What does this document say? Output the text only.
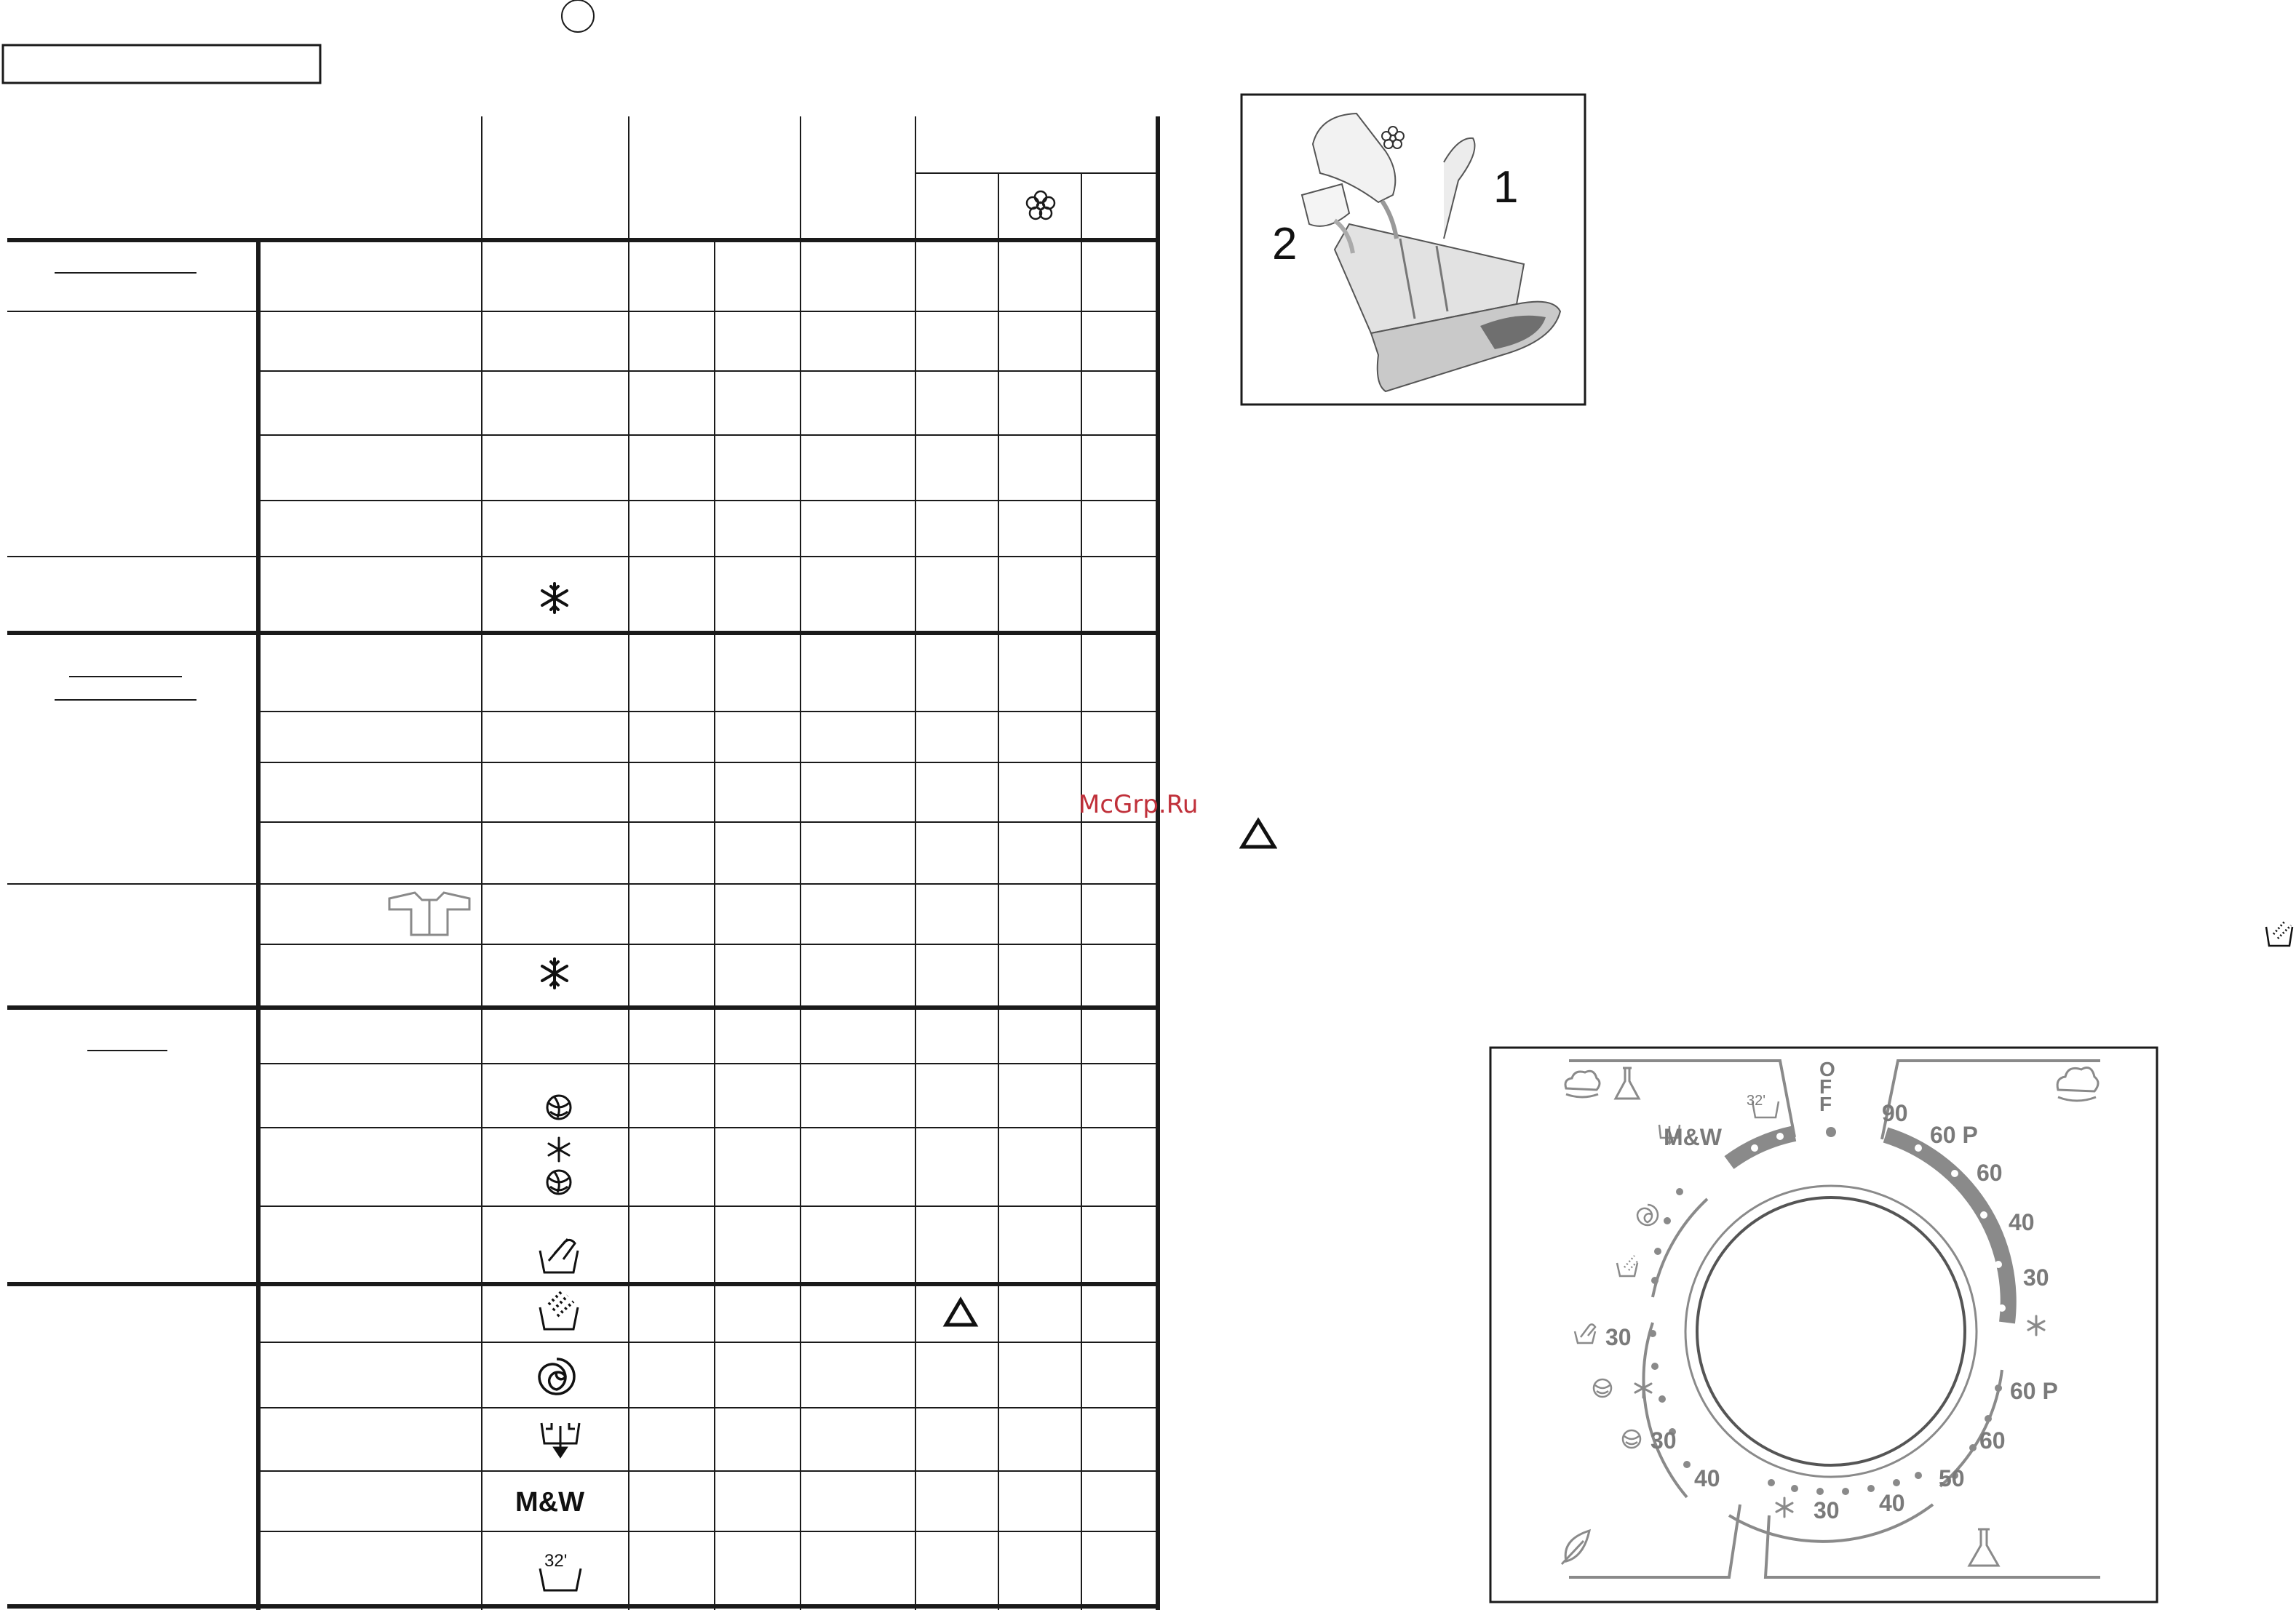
M&W
32'
McGrp.Ru
1
2
OFF
M&W
32'	90
60 P
60
40
30
60 P
60
50
40
30
30
30
40
